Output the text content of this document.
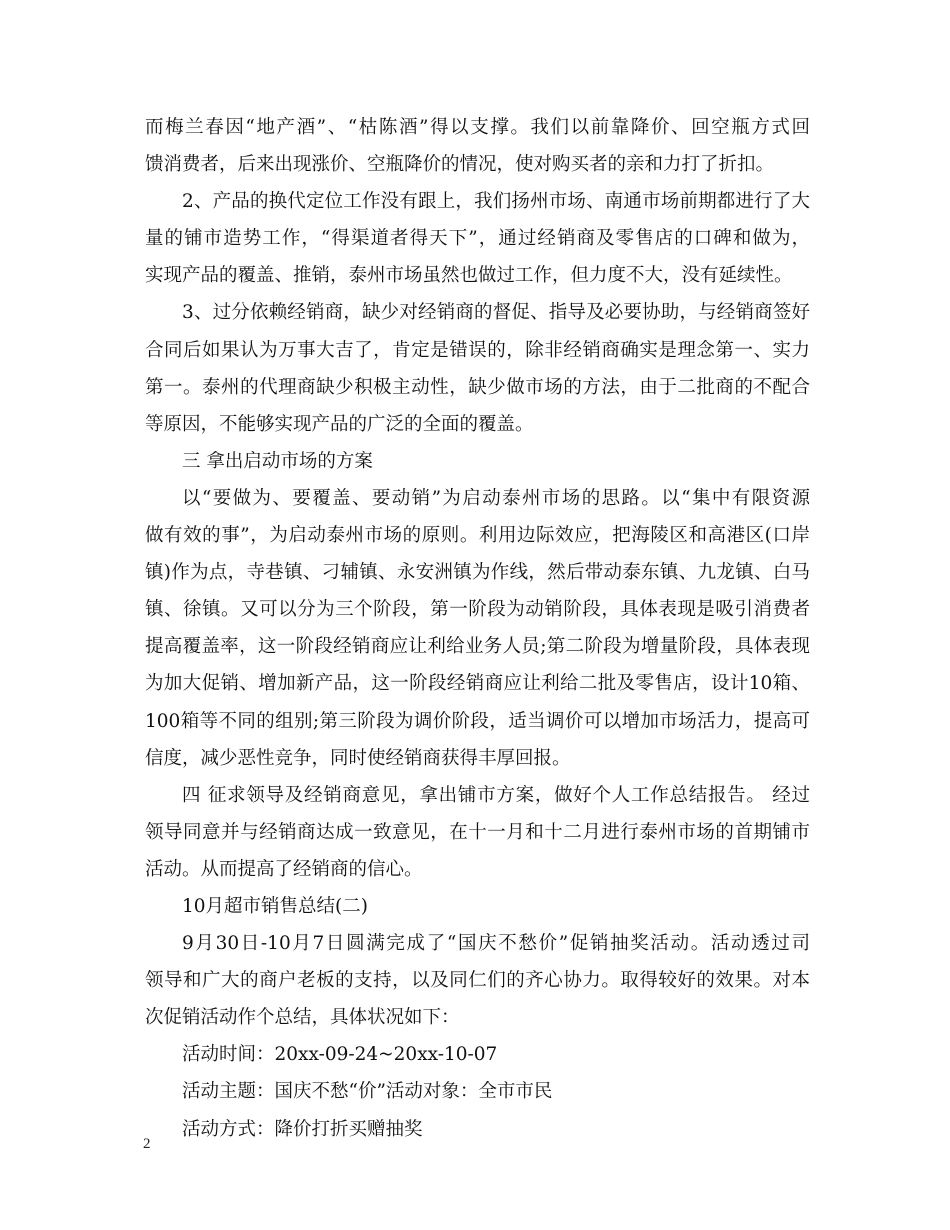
而梅兰春因“地产酒”、“枯陈酒”得以支撑。我们以前靠降价、回空瓶方式回
馈消费者，后来出现涨价、空瓶降价的情况，使对购买者的亲和力打了折扣。
2、产品的换代定位工作没有跟上，我们扬州市场、南通市场前期都进行了大
量的铺市造势工作，“得渠道者得天下”，通过经销商及零售店的口碑和做为，
实现产品的覆盖、推销，泰州市场虽然也做过工作，但力度不大，没有延续性。
3、过分依赖经销商，缺少对经销商的督促、指导及必要协助，与经销商签好
合同后如果认为万事大吉了，肯定是错误的，除非经销商确实是理念第一、实力
第一。泰州的代理商缺少积极主动性，缺少做市场的方法，由于二批商的不配合
等原因，不能够实现产品的广泛的全面的覆盖。
三 拿出启动市场的方案
以“要做为、要覆盖、要动销”为启动泰州市场的思路。以“集中有限资源
做有效的事”，为启动泰州市场的原则。利用边际效应，把海陵区和高港区(口岸
镇)作为点，寺巷镇、刁辅镇、永安洲镇为作线，然后带动泰东镇、九龙镇、白马
镇、徐镇。又可以分为三个阶段，第一阶段为动销阶段，具体表现是吸引消费者
提高覆盖率，这一阶段经销商应让利给业务人员;第二阶段为增量阶段，具体表现
为加大促销、增加新产品，这一阶段经销商应让利给二批及零售店，设计10箱、
100箱等不同的组别;第三阶段为调价阶段，适当调价可以增加市场活力，提高可
信度，减少恶性竞争，同时使经销商获得丰厚回报。
四 征求领导及经销商意见，拿出铺市方案，做好个人工作总结报告。 经过
领导同意并与经销商达成一致意见，在十一月和十二月进行泰州市场的首期铺市
活动。从而提高了经销商的信心。
10月超市销售总结(二)
9月30日-10月7日圆满完成了“国庆不愁价”促销抽奖活动。活动透过司
领导和广大的商户老板的支持，以及同仁们的齐心协力。取得较好的效果。对本
次促销活动作个总结，具体状况如下：
活动时间：20xx-09-24~20xx-10-07
活动主题：国庆不愁“价”活动对象：全市市民
活动方式：降价打折买赠抽奖
2
